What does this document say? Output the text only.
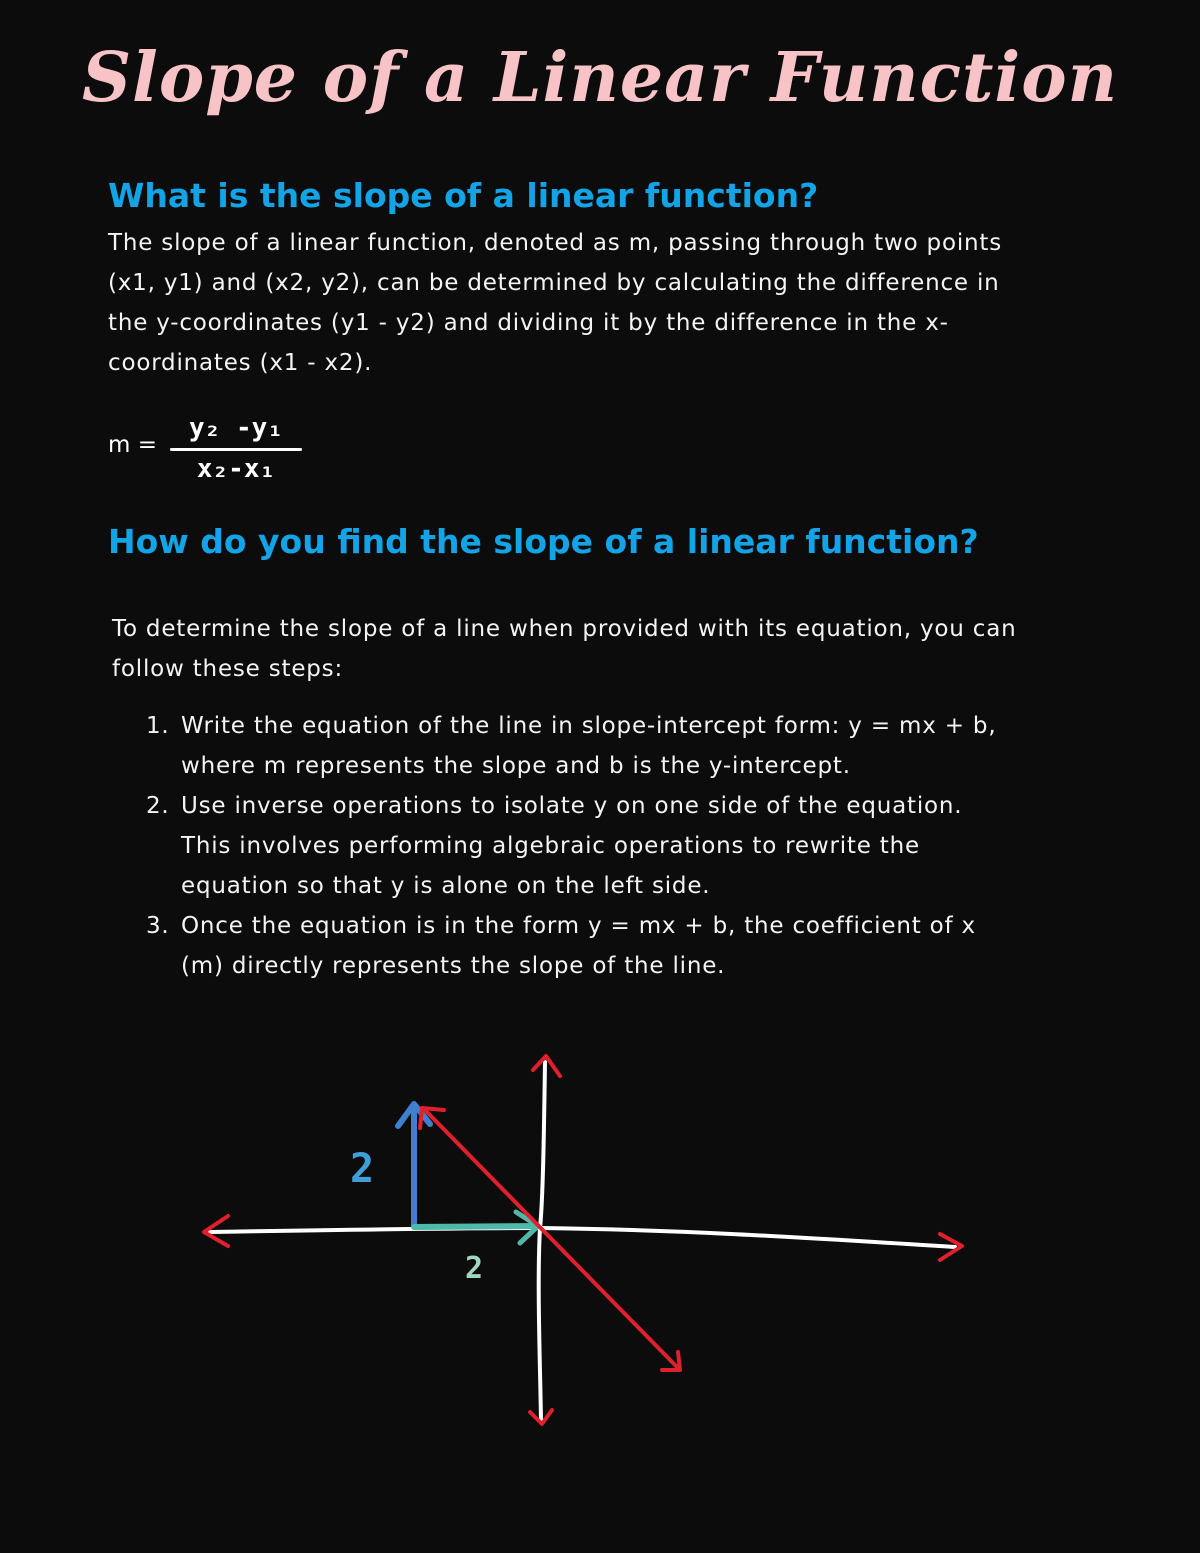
Slope of a Linear Function
What is the slope of a linear function?
The slope of a linear function, denoted as m, passing through two points (x1, y1) and (x2, y2), can be determined by calculating the difference in the y-coordinates (y1 - y2) and dividing it by the difference in the x-coordinates (x1 - x2).
m =
y₂ -y₁
x₂-x₁
How do you find the slope of a linear function?
To determine the slope of a line when provided with its equation, you can follow these steps:
1. Write the equation of the line in slope-intercept form: y = mx + b, where m represents the slope and b is the y-intercept.
2. Use inverse operations to isolate y on one side of the equation. This involves performing algebraic operations to rewrite the equation so that y is alone on the left side.
3. Once the equation is in the form y = mx + b, the coefficient of x (m) directly represents the slope of the line.
2
2
